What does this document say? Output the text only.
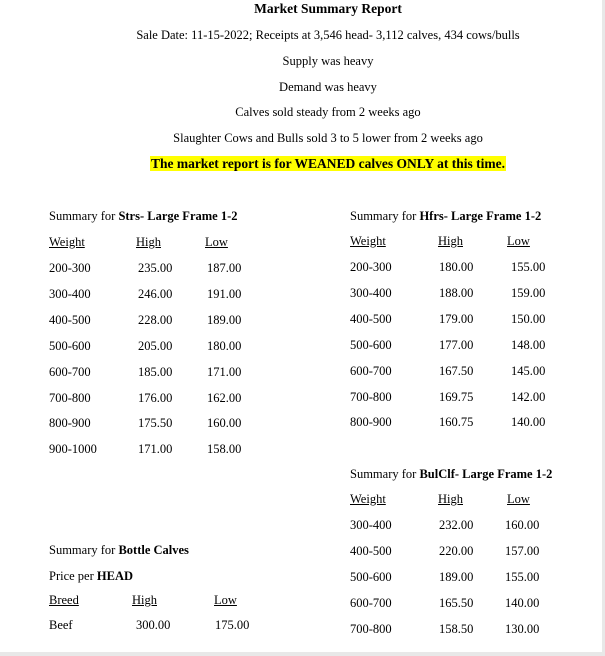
Market Summary Report
Sale Date: 11-15-2022; Receipts at 3,546 head- 3,112 calves, 434 cows/bulls
Supply was heavy
Demand was heavy
Calves sold steady from 2 weeks ago
Slaughter Cows and Bulls sold 3 to 5 lower from 2 weeks ago
The market report is for WEANED calves ONLY at this time.
Summary for Strs- Large Frame 1-2
Weight	High	Low
200-300	235.00	187.00
300-400	246.00	191.00
400-500	228.00	189.00
500-600	205.00	180.00
600-700	185.00	171.00
700-800	176.00	162.00
800-900	175.50	160.00
900-1000	171.00	158.00
Summary for Hfrs- Large Frame 1-2
Weight	High	Low
200-300	180.00	155.00
300-400	188.00	159.00
400-500	179.00	150.00
500-600	177.00	148.00
600-700	167.50	145.00
700-800	169.75	142.00
800-900	160.75	140.00
Summary for BulClf- Large Frame 1-2
Weight	High	Low
300-400	232.00	160.00
400-500	220.00	157.00
500-600	189.00	155.00
600-700	165.50	140.00
700-800	158.50	130.00
Summary for Bottle Calves
Price per HEAD
Breed	High	Low
Beef	300.00	175.00
